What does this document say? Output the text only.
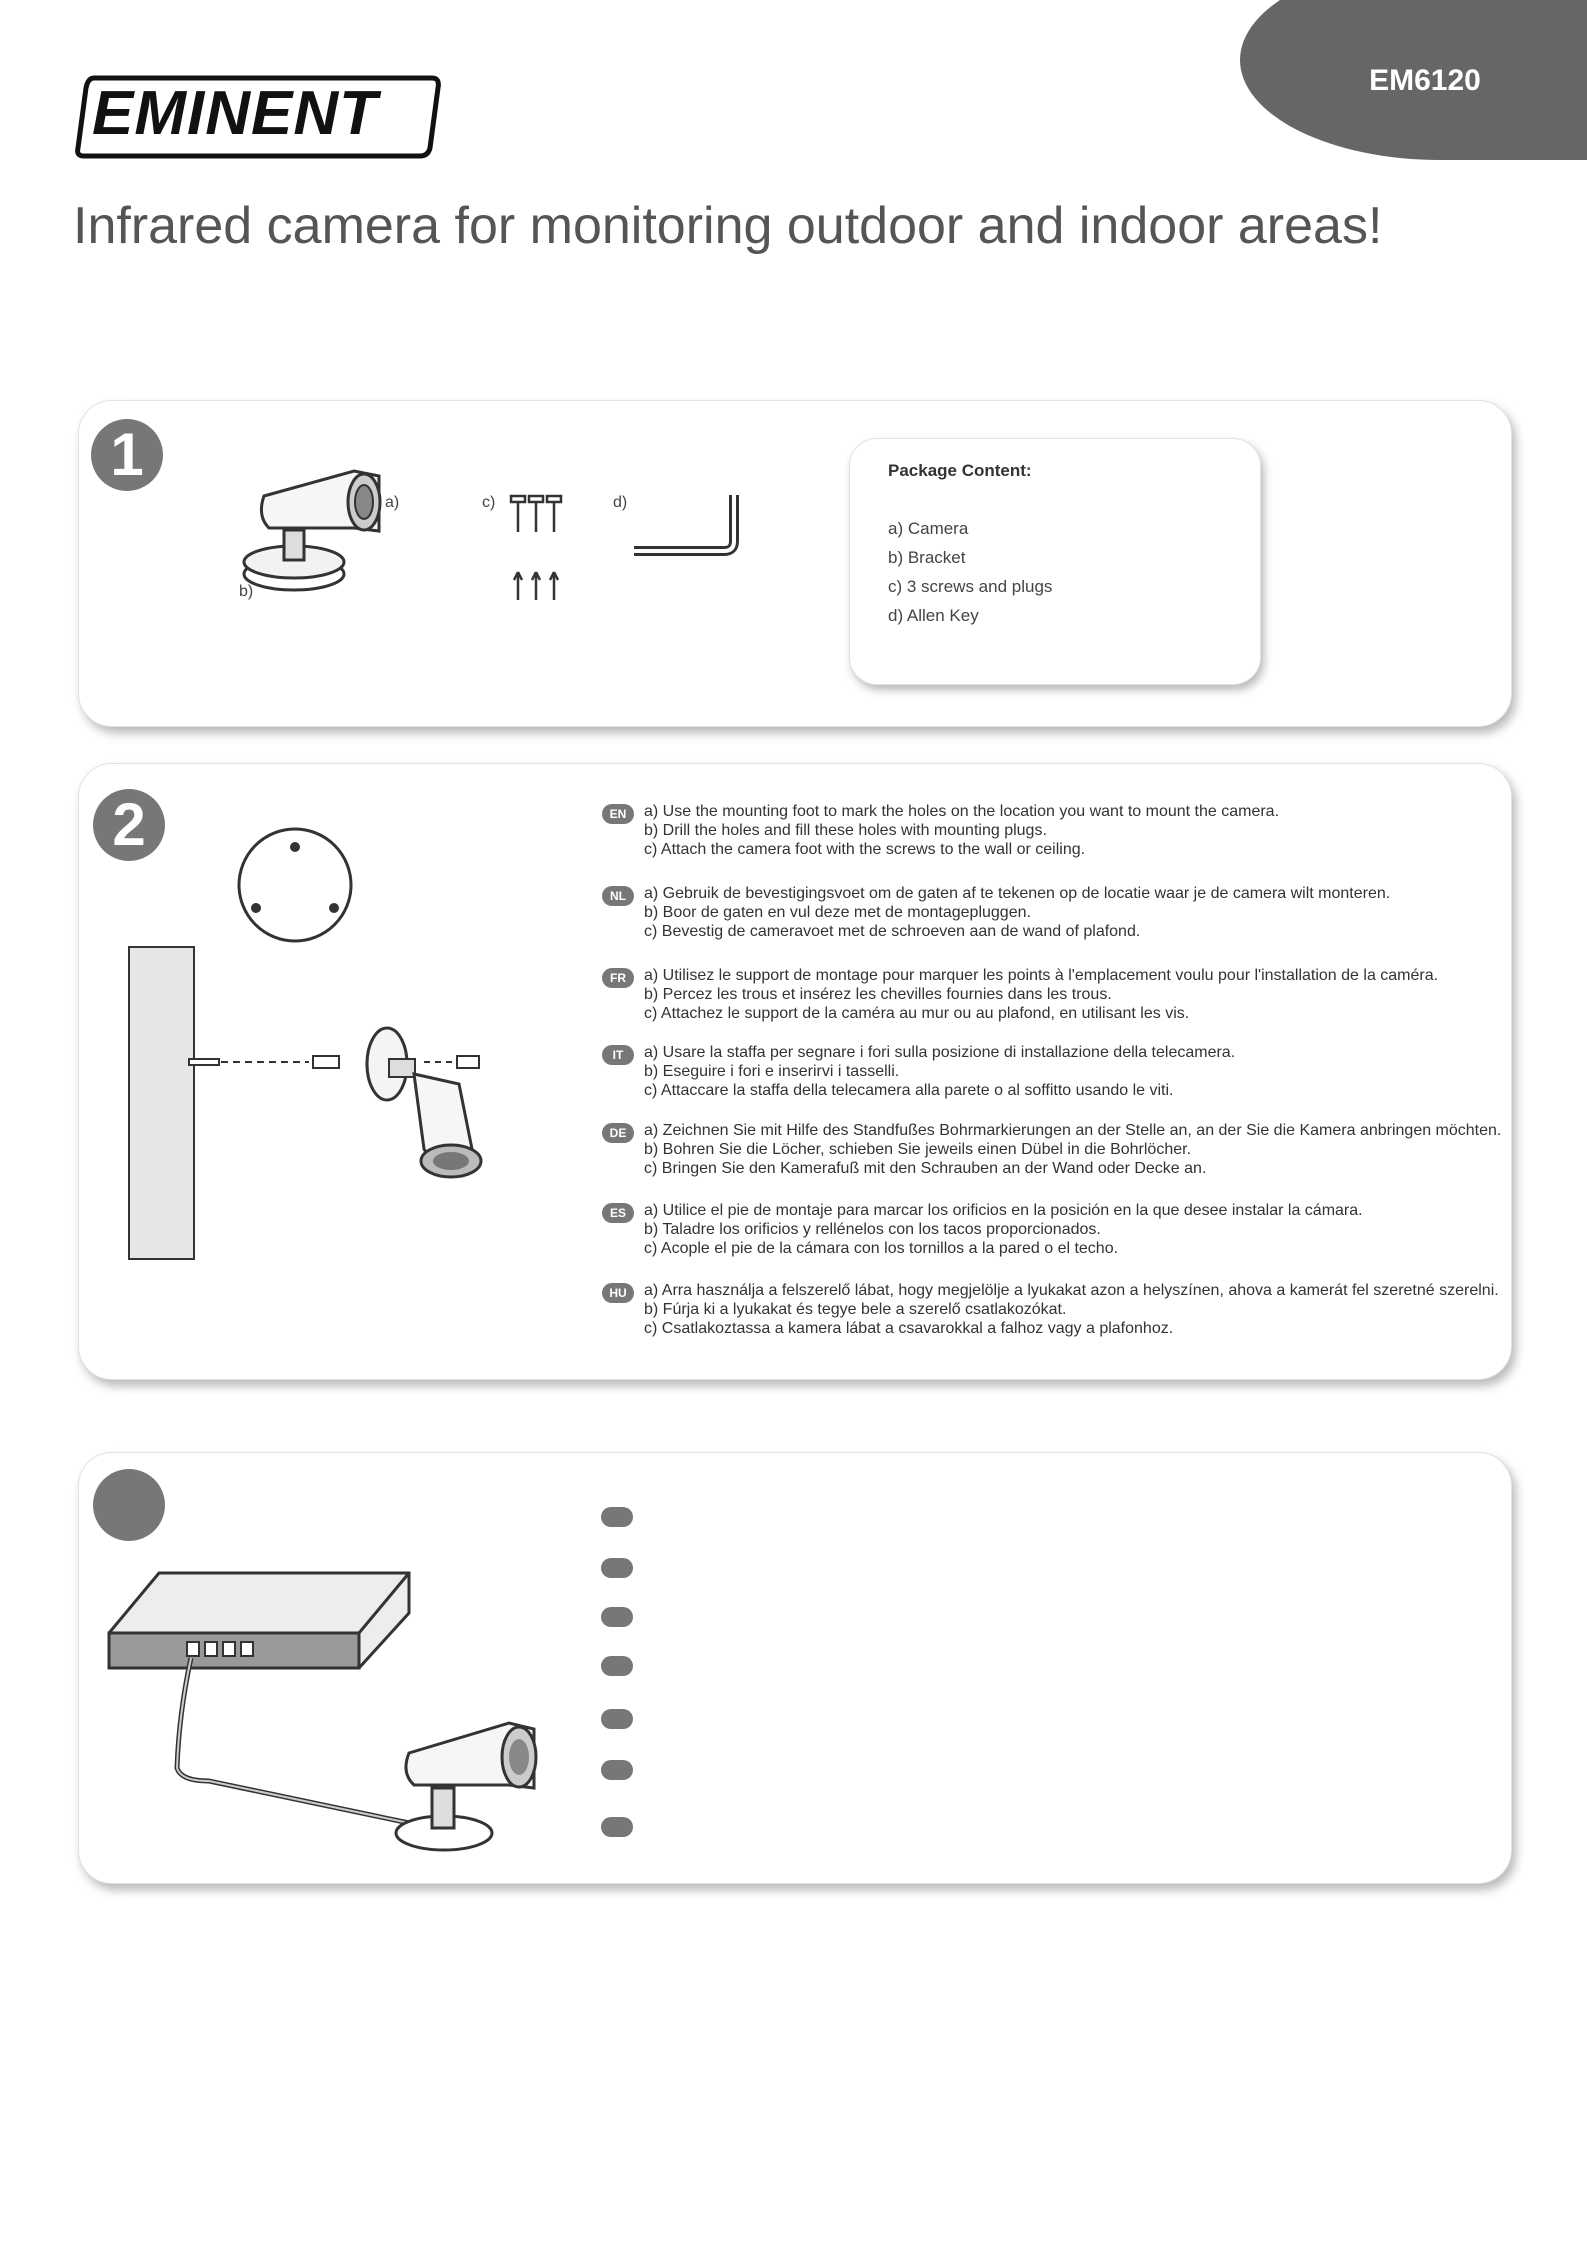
EM6120
EMINENT
Infrared camera for monitoring outdoor and indoor areas!
1
a)
b)
c)	d)
Package Content:
a) Camera
b) Bracket
c) 3 screws and plugs
d) Allen Key
2	EN	a) Use the mounting foot to mark the holes on the location you want to mount the camera.
b) Drill the holes and fill these holes with mounting plugs.
c) Attach the camera foot with the screws to the wall or ceiling.
NL	a) Gebruik de bevestigingsvoet om de gaten af te tekenen op de locatie waar je de camera wilt monteren.
b) Boor de gaten en vul deze met de montagepluggen.
c) Bevestig de cameravoet met de schroeven aan de wand of plafond.
FR	a) Utilisez le support de montage pour marquer les points à l'emplacement voulu pour l'installation de la caméra.
b) Percez les trous et insérez les chevilles fournies dans les trous.
c) Attachez le support de la caméra au mur ou au plafond, en utilisant les vis.
IT	a) Usare la staffa per segnare i fori sulla posizione di installazione della telecamera.
b) Eseguire i fori e inserirvi i tasselli.
c) Attaccare la staffa della telecamera alla parete o al soffitto usando le viti.
DE	a) Zeichnen Sie mit Hilfe des Standfußes Bohrmarkierungen an der Stelle an, an der Sie die Kamera anbringen möchten.
b) Bohren Sie die Löcher, schieben Sie jeweils einen Dübel in die Bohrlöcher.
c) Bringen Sie den Kamerafuß mit den Schrauben an der Wand oder Decke an.
ES	a) Utilice el pie de montaje para marcar los orificios en la posición en la que desee instalar la cámara.
b) Taladre los orificios y rellénelos con los tacos proporcionados.
c) Acople el pie de la cámara con los tornillos a la pared o el techo.
HU	a) Arra használja a felszerelő lábat, hogy megjelölje a lyukakat azon a helyszínen, ahova a kamerát fel szeretné szerelni.
b) Fúrja ki a lyukakat és tegye bele a szerelő csatlakozókat.
c) Csatlakoztassa a kamera lábat a csavarokkal a falhoz vagy a plafonhoz.
